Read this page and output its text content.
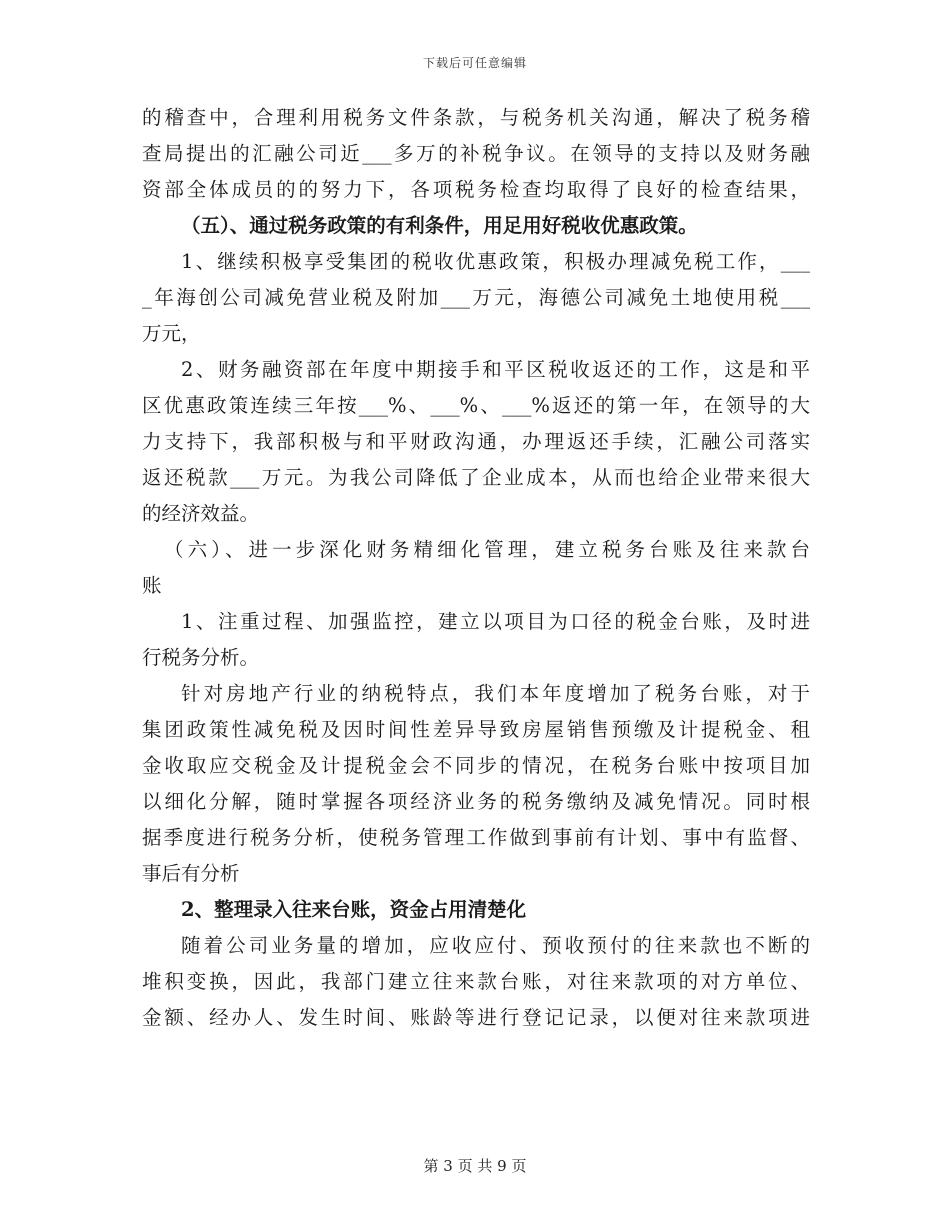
下载后可任意编辑
的稽查中，合理利用税务文件条款，与税务机关沟通，解决了税务稽
查局提出的汇融公司近___多万的补税争议。在领导的支持以及财务融
资部全体成员的的努力下，各项税务检查均取得了良好的检查结果，
（五）、通过税务政策的有利条件，用足用好税收优惠政策。
1、继续积极享受集团的税收优惠政策，积极办理减免税工作，___
_年海创公司减免营业税及附加___万元，海德公司减免土地使用税___
万元，
2、财务融资部在年度中期接手和平区税收返还的工作，这是和平
区优惠政策连续三年按___%、___%、___%返还的第一年，在领导的大
力支持下，我部积极与和平财政沟通，办理返还手续，汇融公司落实
返还税款___万元。为我公司降低了企业成本，从而也给企业带来很大
的经济效益。
（六）、进一步深化财务精细化管理，建立税务台账及往来款台
账
1、注重过程、加强监控，建立以项目为口径的税金台账，及时进
行税务分析。
针对房地产行业的纳税特点，我们本年度增加了税务台账，对于
集团政策性减免税及因时间性差异导致房屋销售预缴及计提税金、租
金收取应交税金及计提税金会不同步的情况，在税务台账中按项目加
以细化分解，随时掌握各项经济业务的税务缴纳及减免情况。同时根
据季度进行税务分析，使税务管理工作做到事前有计划、事中有监督、
事后有分析
2、整理录入往来台账，资金占用清楚化
随着公司业务量的增加，应收应付、预收预付的往来款也不断的
堆积变换，因此，我部门建立往来款台账，对往来款项的对方单位、
金额、经办人、发生时间、账龄等进行登记记录，以便对往来款项进
第 3 页 共 9 页
